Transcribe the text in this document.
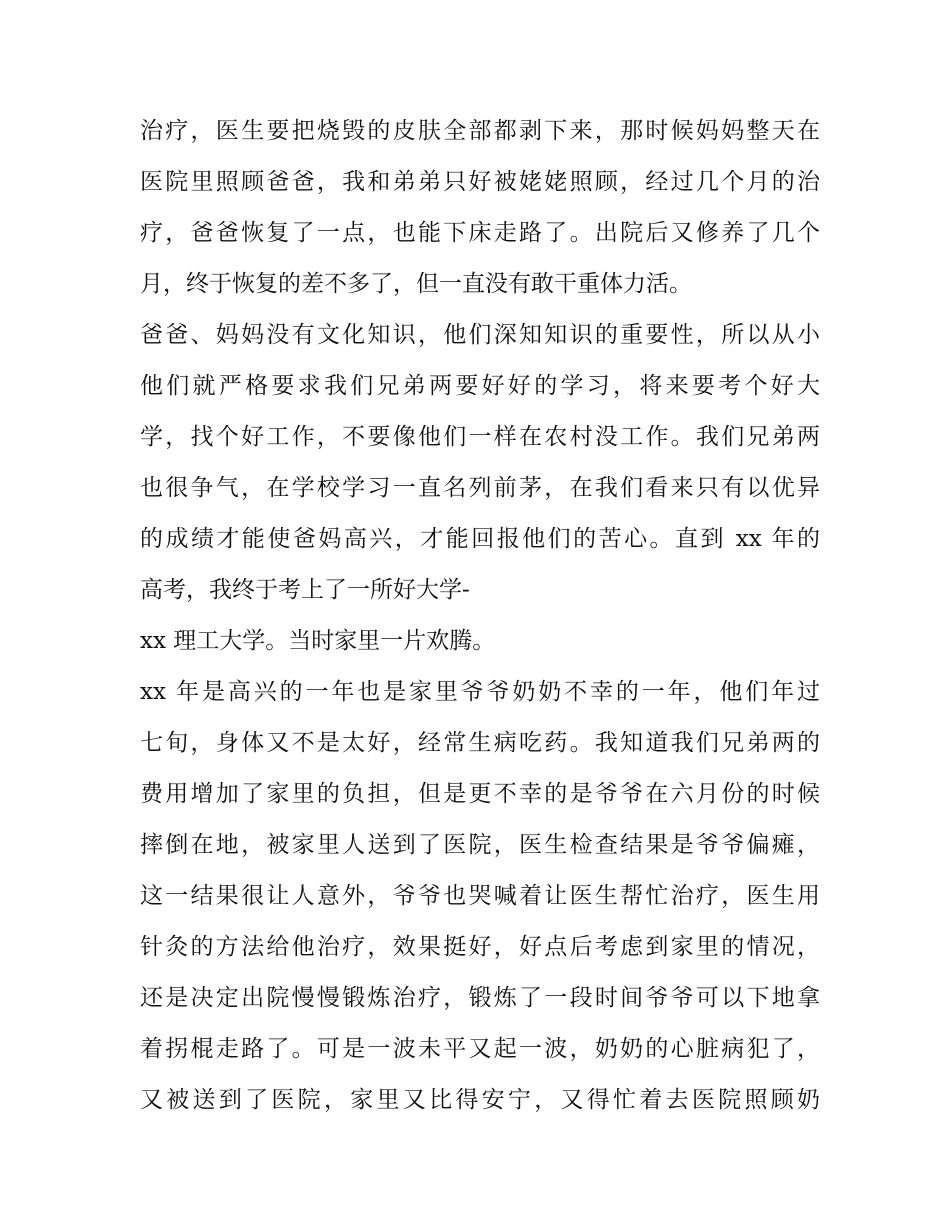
治疗，医生要把烧毁的皮肤全部都剥下来，那时候妈妈整天在
医院里照顾爸爸，我和弟弟只好被姥姥照顾，经过几个月的治
疗，爸爸恢复了一点，也能下床走路了。出院后又修养了几个
月，终于恢复的差不多了，但一直没有敢干重体力活。
爸爸、妈妈没有文化知识，他们深知知识的重要性，所以从小
他们就严格要求我们兄弟两要好好的学习，将来要考个好大
学，找个好工作，不要像他们一样在农村没工作。我们兄弟两
也很争气，在学校学习一直名列前茅，在我们看来只有以优异
的成绩才能使爸妈高兴，才能回报他们的苦心。直到 xx 年的
高考，我终于考上了一所好大学-
xx 理工大学。当时家里一片欢腾。
xx 年是高兴的一年也是家里爷爷奶奶不幸的一年，他们年过
七旬，身体又不是太好，经常生病吃药。我知道我们兄弟两的
费用增加了家里的负担，但是更不幸的是爷爷在六月份的时候
摔倒在地，被家里人送到了医院，医生检查结果是爷爷偏瘫，
这一结果很让人意外，爷爷也哭喊着让医生帮忙治疗，医生用
针灸的方法给他治疗，效果挺好，好点后考虑到家里的情况，
还是决定出院慢慢锻炼治疗，锻炼了一段时间爷爷可以下地拿
着拐棍走路了。可是一波未平又起一波，奶奶的心脏病犯了，
又被送到了医院，家里又比得安宁，又得忙着去医院照顾奶
